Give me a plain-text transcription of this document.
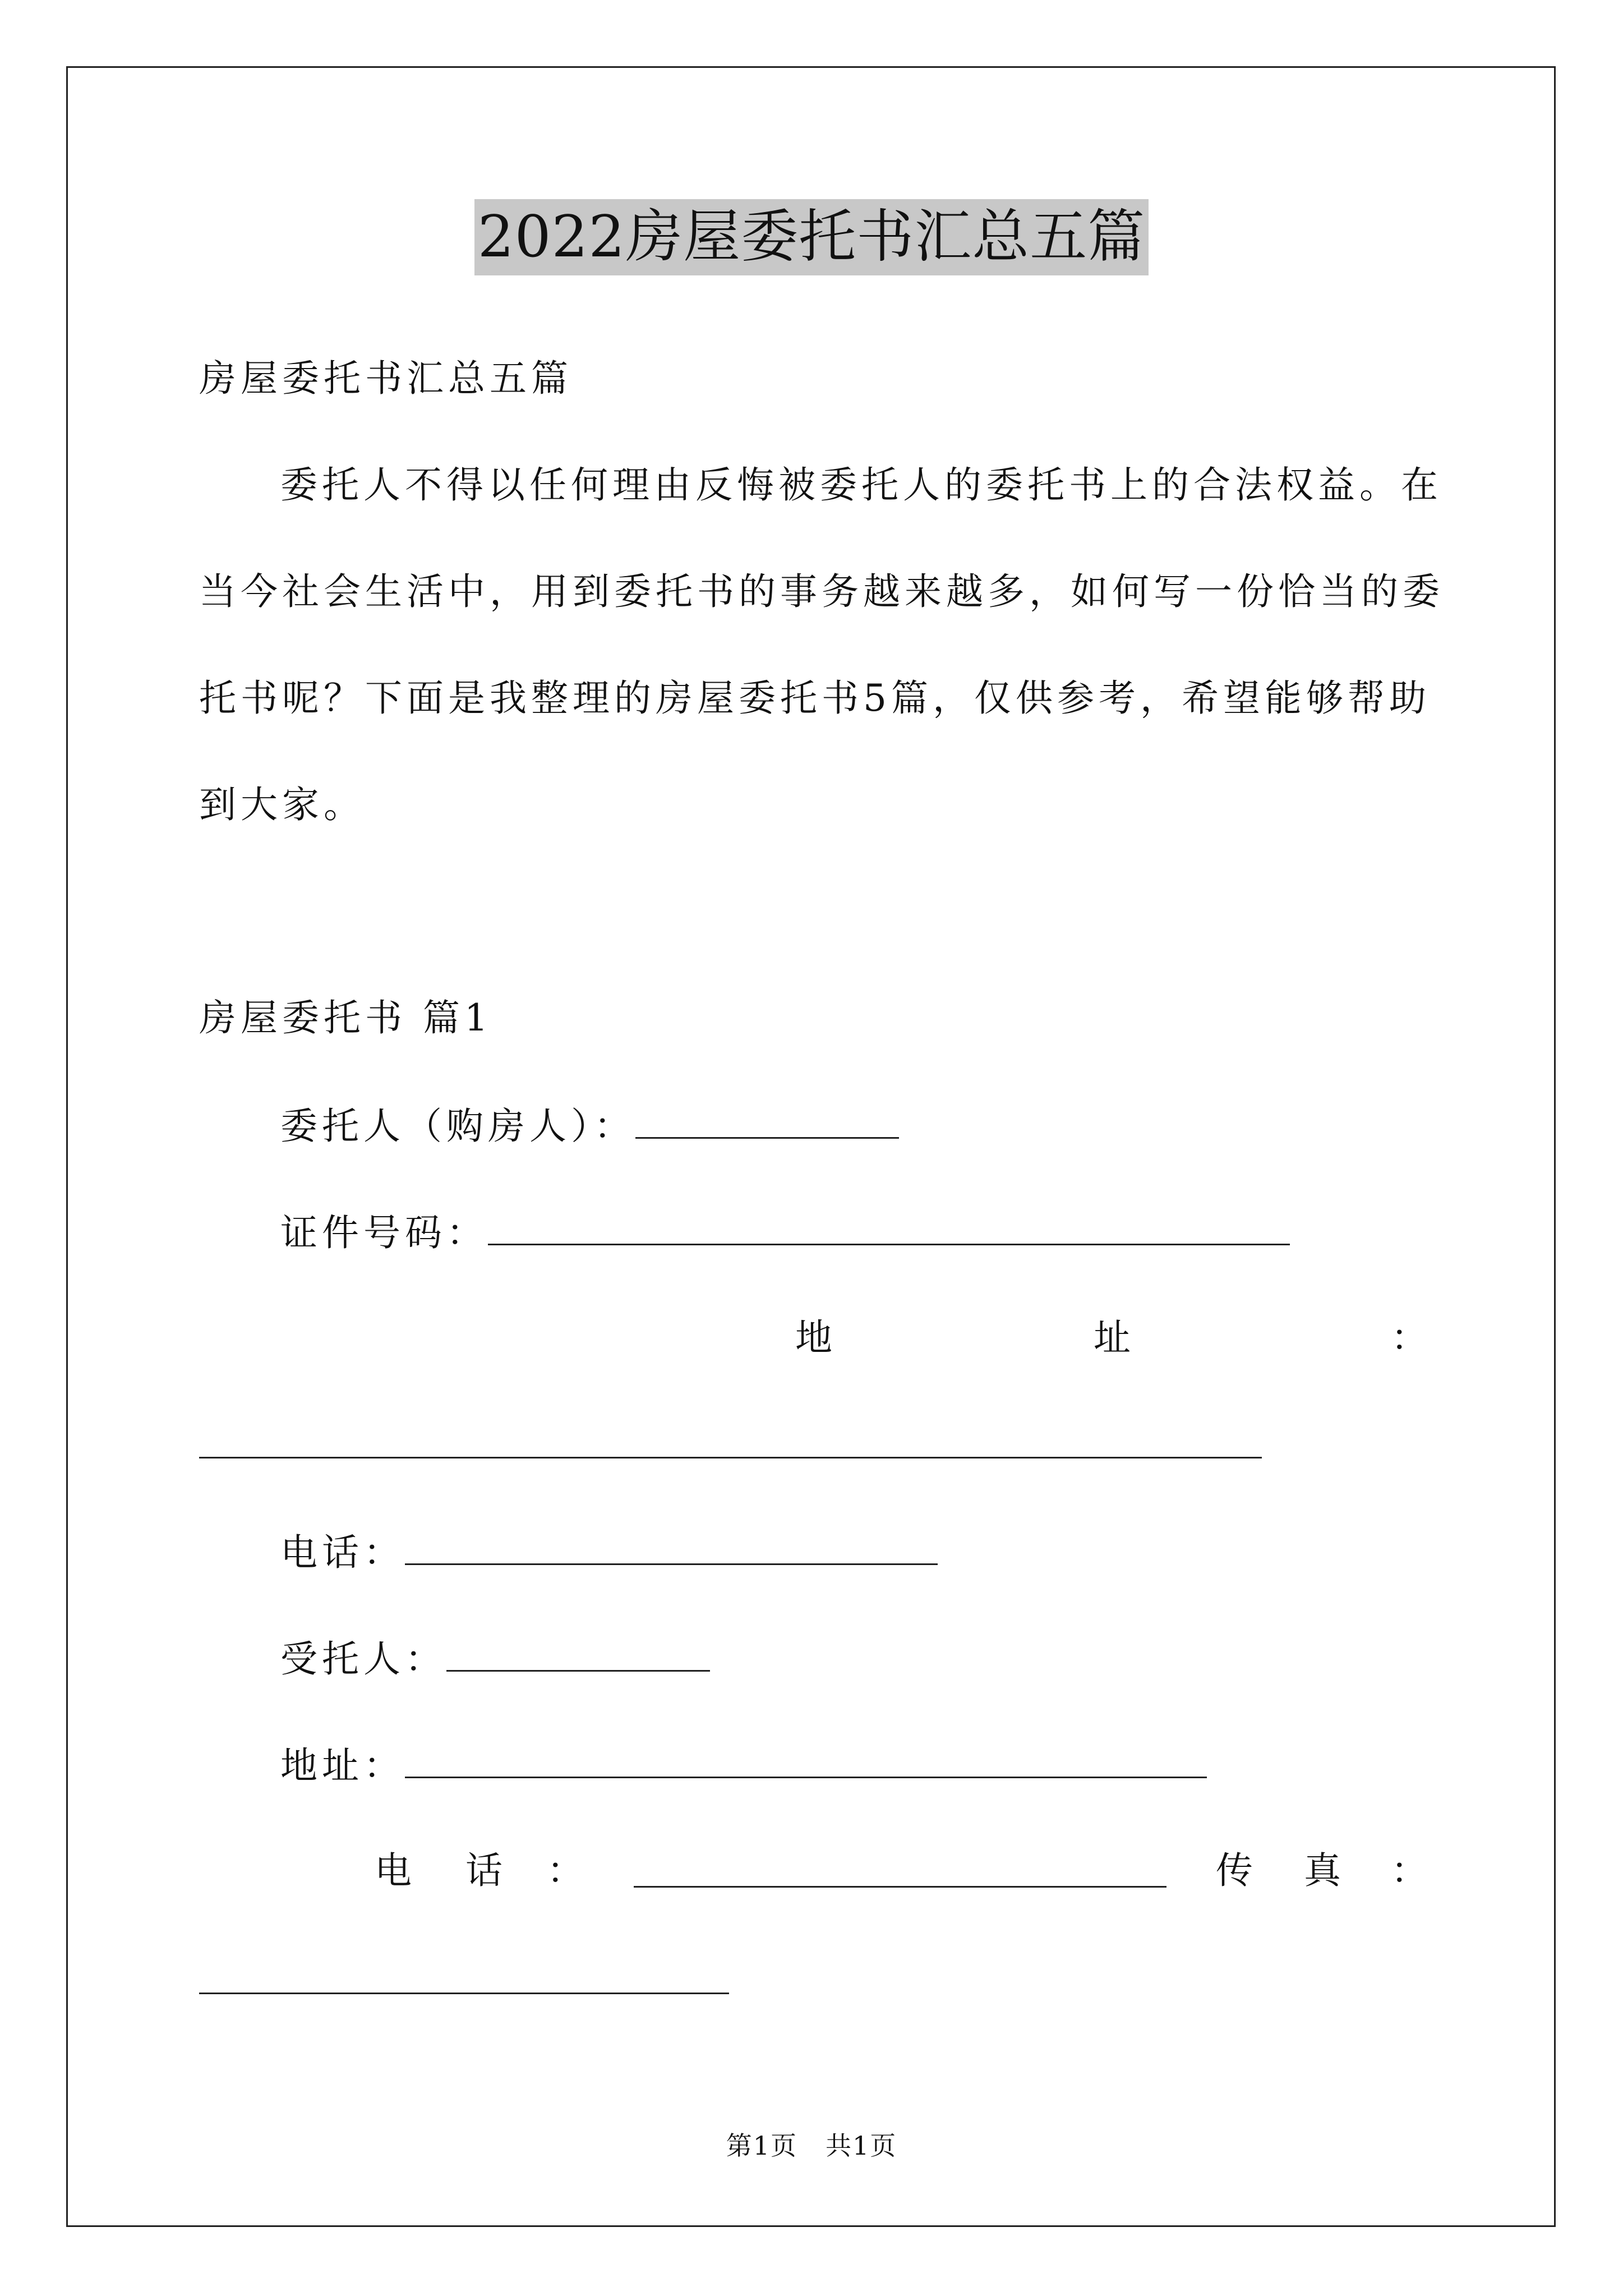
2022房屋委托书汇总五篇
房屋委托书汇总五篇
委托人不得以任何理由反悔被委托人的委托书上的合法权益。在
当今社会生活中，用到委托书的事务越来越多，如何写一份恰当的委
托书呢？下面是我整理的房屋委托书5篇，仅供参考，希望能够帮助
到大家。
房屋委托书 篇1
委托人（购房人）：
证件号码：
地	址	：
电话：
受托人：
地址：
电 话 ：	传 真 ：
第1页 共1页
